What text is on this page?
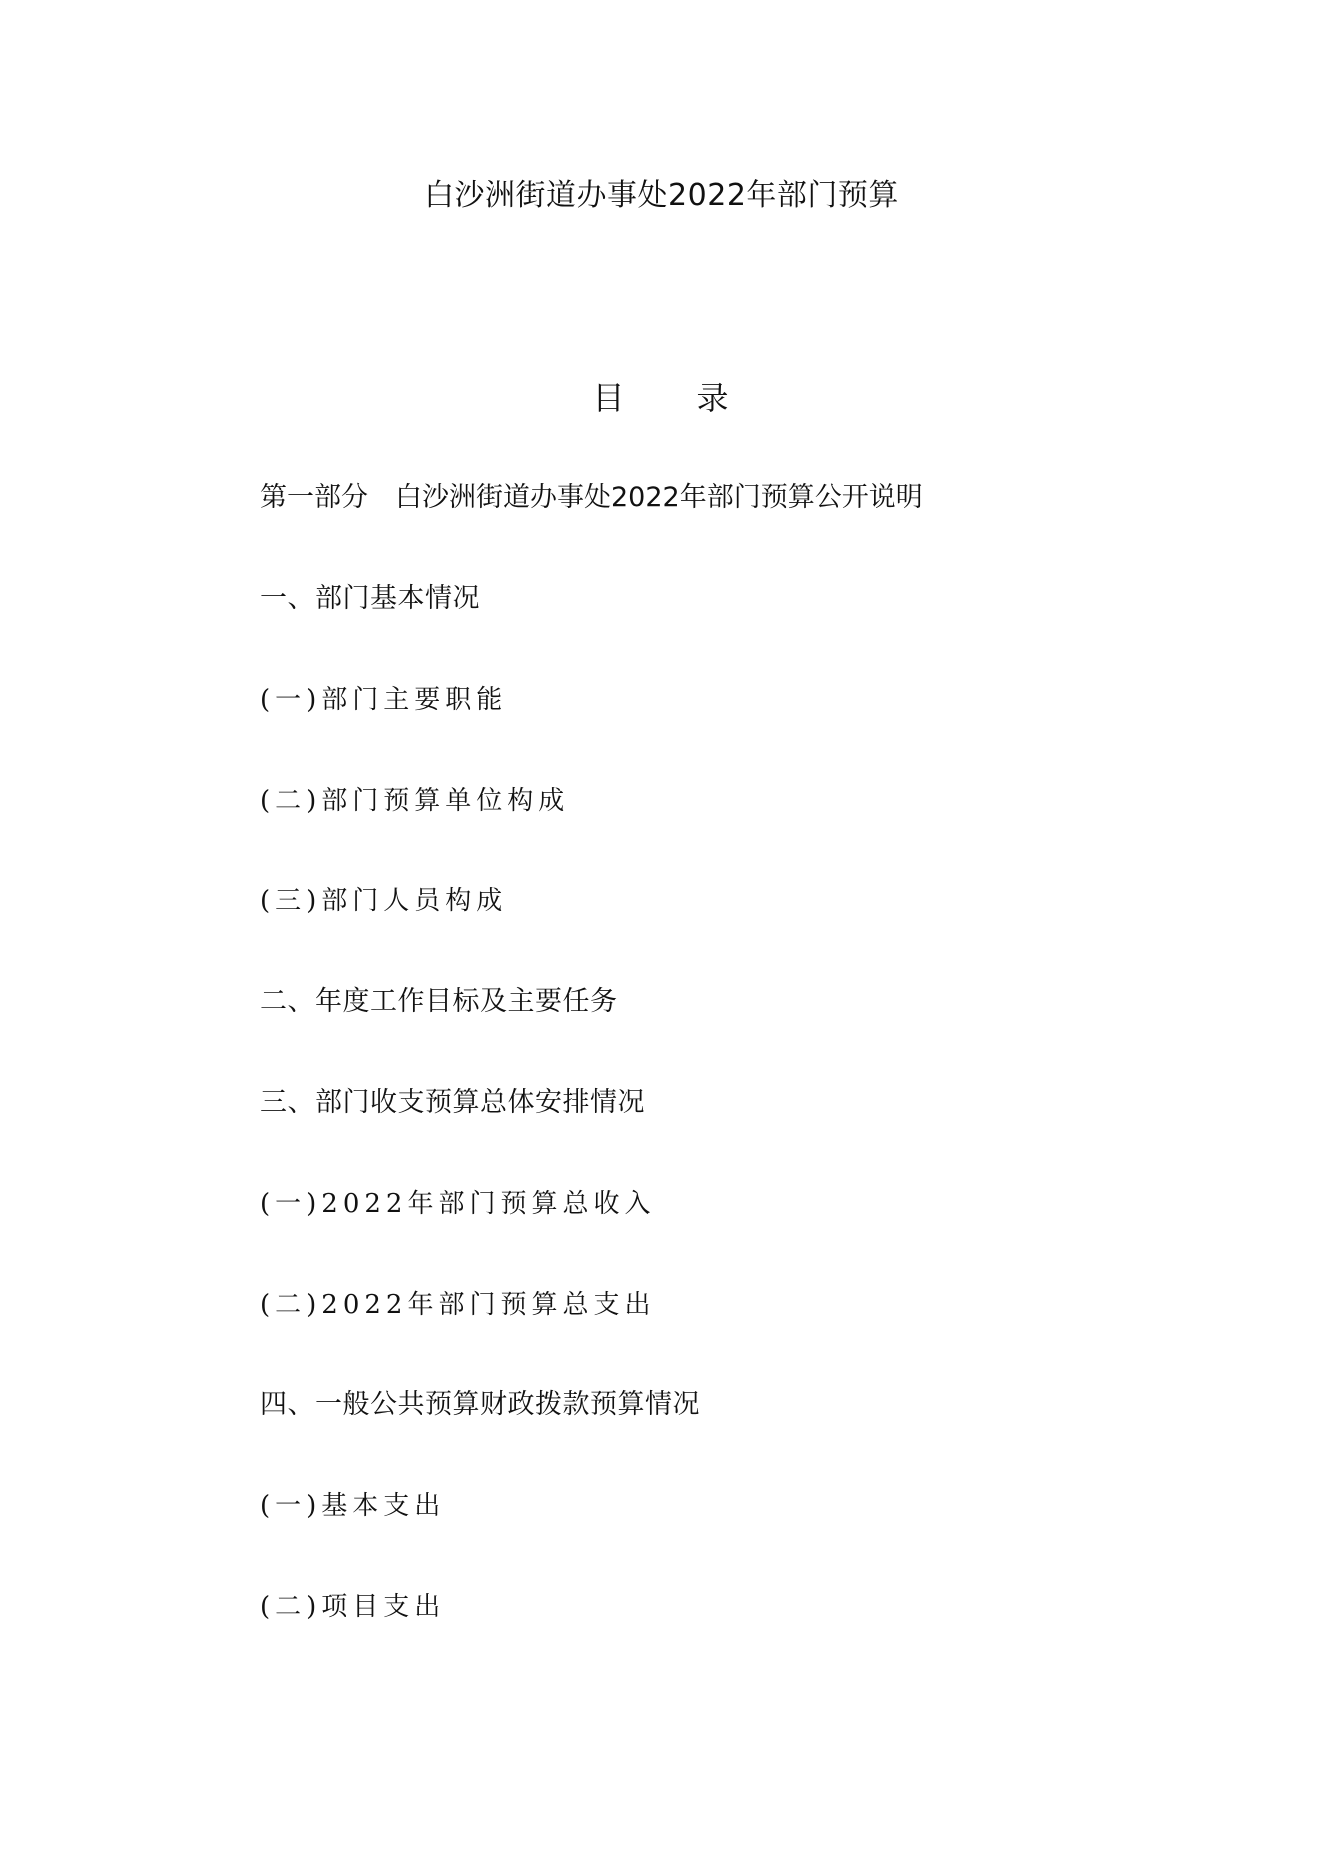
白沙洲街道办事处2022年部门预算
目录
第一部分　白沙洲街道办事处2022年部门预算公开说明
一、部门基本情况
(一)部门主要职能
(二)部门预算单位构成
(三)部门人员构成
二、年度工作目标及主要任务
三、部门收支预算总体安排情况
(一)2022年部门预算总收入
(二)2022年部门预算总支出
四、一般公共预算财政拨款预算情况
(一)基本支出
(二)项目支出
